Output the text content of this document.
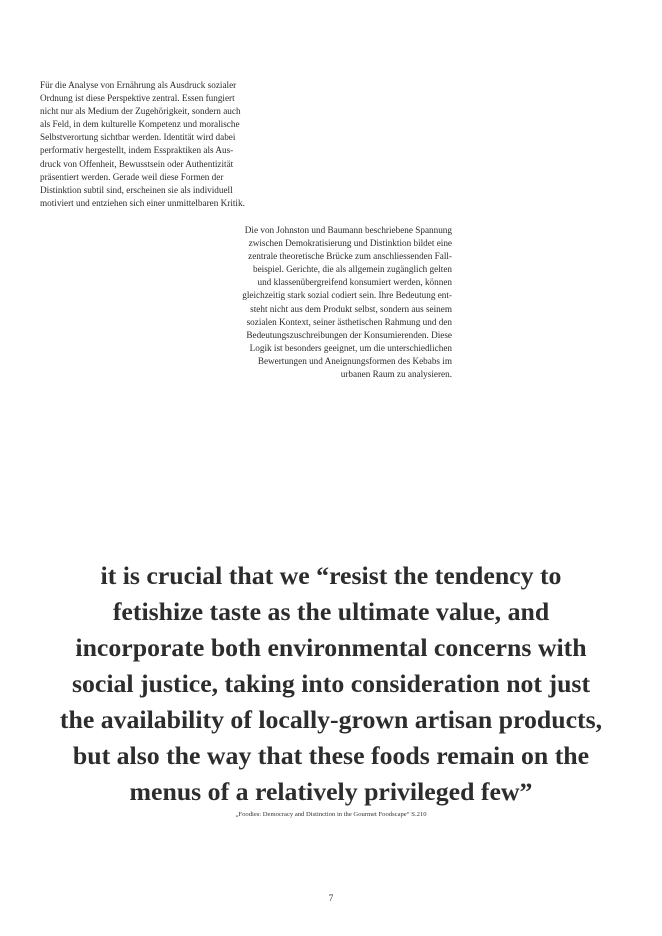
Für die Analyse von Ernährung als Ausdruck sozialer
Ordnung ist diese Perspektive zentral. Essen fungiert
nicht nur als Medium der Zugehörigkeit, sondern auch
als Feld, in dem kulturelle Kompetenz und moralische
Selbstverortung sichtbar werden. Identität wird dabei
performativ hergestellt, indem Esspraktiken als Aus-
druck von Offenheit, Bewusstsein oder Authentizität
präsentiert werden. Gerade weil diese Formen der
Distinktion subtil sind, erscheinen sie als individuell
motiviert und entziehen sich einer unmittelbaren Kritik.
Die von Johnston und Baumann beschriebene Spannung
zwischen Demokratisierung und Distinktion bildet eine
zentrale theoretische Brücke zum anschliessenden Fall-
beispiel. Gerichte, die als allgemein zugänglich gelten
und klassenübergreifend konsumiert werden, können
gleichzeitig stark sozial codiert sein. Ihre Bedeutung ent-
steht nicht aus dem Produkt selbst, sondern aus seinem
sozialen Kontext, seiner ästhetischen Rahmung und den
Bedeutungszuschreibungen der Konsumierenden. Diese
Logik ist besonders geeignet, um die unterschiedlichen
Bewertungen und Aneignungsformen des Kebabs im
urbanen Raum zu analysieren.
it is crucial that we “resist the tendency to
fetishize taste as the ultimate value, and
incorporate both environmental concerns with
social justice, taking into consideration not just
the availability of locally-grown artisan products,
but also the way that these foods remain on the
menus of a relatively privileged few”
„Foodies: Democracy and Distinction in the Gourmet Foodscape“ S.210
7
